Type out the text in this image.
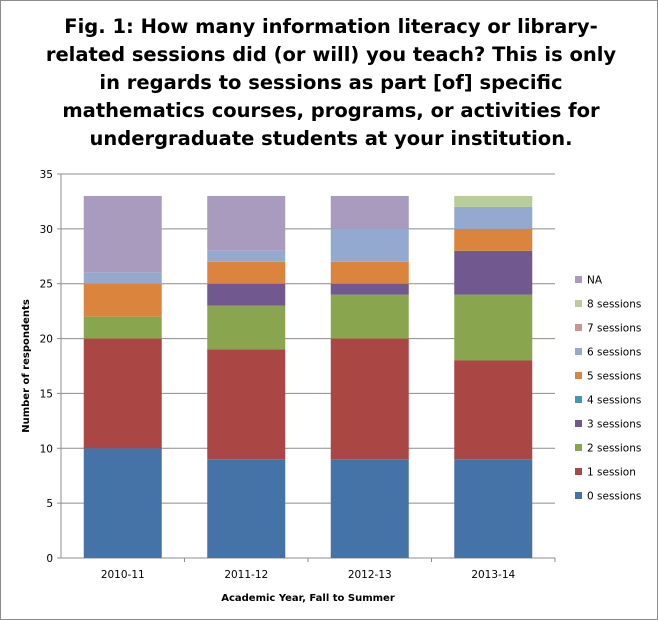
Fig. 1: How many information literacy or library-
related sessions did (or will) you teach? This is only
in regards to sessions as part [of] specific
mathematics courses, programs, or activities for
undergraduate students at your institution.
0
5
10
15
20
25
30
35
2010-11	2011-12	2012-13	2013-14
Academic Year, Fall to Summer
Number of respondents
NA
8 sessions
7 sessions
6 sessions
5 sessions
4 sessions
3 sessions
2 sessions
1 session
0 sessions
